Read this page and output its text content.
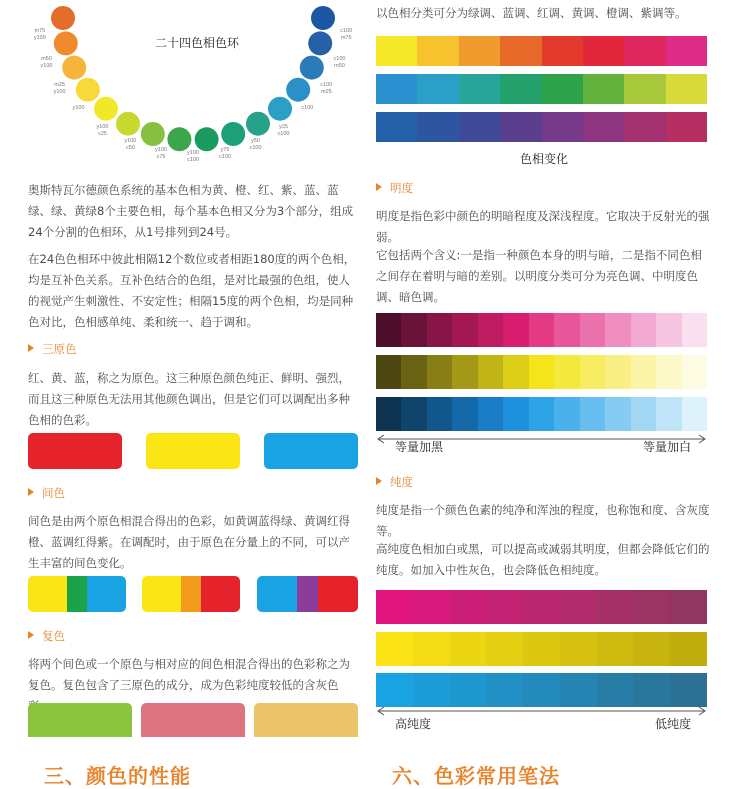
c100
m75
c100
m50
c100
m25
c100
y25
c100
y50
c100
y75
c100
y100
c100
y100
c75
y100
c50
y100
c25
y100
m25
y100
m50
y100
m75
y100	二十四色相色环
奥斯特瓦尔德颜色系统的基本色相为黄、橙、红、紫、蓝、蓝绿、绿、黄绿8个主要色相，每个基本色相又分为3个部分，组成24个分割的色相环，从1号排列到24号。
在24色色相环中彼此相隔12个数位或者相距180度的两个色相，均是互补色关系。互补色结合的色组，是对比最强的色组，使人的视觉产生刺激性、不安定性；相隔15度的两个色相，均是同种色对比，色相感单纯、柔和统一、趋于调和。
三原色
红、黄、蓝，称之为原色。这三种原色颜色纯正、鲜明、强烈，而且这三种原色无法用其他颜色调出，但是它们可以调配出多种色相的色彩。
间色
间色是由两个原色相混合得出的色彩，如黄调蓝得绿、黄调红得橙、蓝调红得紫。在调配时，由于原色在分量上的不同，可以产生丰富的间色变化。
复色
将两个间色或一个原色与相对应的间色相混合得出的色彩称之为复色。复色包含了三原色的成分，成为色彩纯度较低的含灰色
三、颜色的性能
以色相分类可分为绿调、蓝调、红调、黄调、橙调、紫调等。
色相变化
明度
明度是指色彩中颜色的明暗程度及深浅程度。它取决于反射光的强弱。
它包括两个含义:一是指一种颜色本身的明与暗，二是指不同色相之间存在着明与暗的差别。以明度分类可分为亮色调、中明度色调、暗色调。
等量加黑	等量加白
纯度
纯度是指一个颜色色素的纯净和浑浊的程度，也称饱和度、含灰度等。
高纯度色相加白或黑，可以提高或减弱其明度，但都会降低它们的纯度。如加入中性灰色，也会降低色相纯度。
高纯度	低纯度
六、色彩常用笔法
